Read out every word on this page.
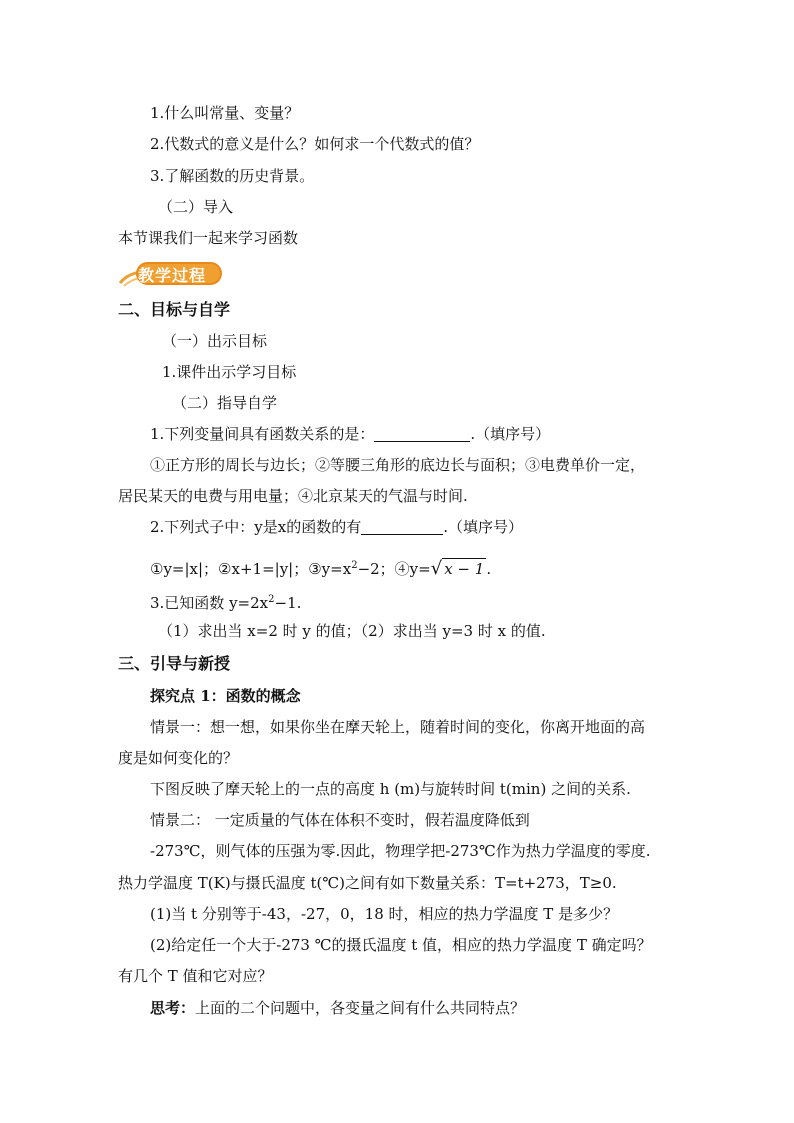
1.什么叫常量、变量？
2.代数式的意义是什么？如何求一个代数式的值？
3.了解函数的历史背景。
（二）导入
本节课我们一起来学习函数
教学过程
二、目标与自学
（一）出示目标
1.课件出示学习目标
（二）指导自学
1.下列变量间具有函数关系的是：	.（填序号）
①正方形的周长与边长；②等腰三角形的底边长与面积；③电费单价一定，
居民某天的电费与用电量；④北京某天的气温与时间.
2.下列式子中：y是x的函数的有	.（填序号）
①y=|x|；②x+1=|y|；$③y=x^2-2$；④y=√ x − 1 .
3.已知函数 $y=2x^2-1$.
（1）求出当 x=2 时 y 的值；（2）求出当 y=3 时 x 的值.
三、引导与新授
探究点 1：函数的概念
情景一：想一想，如果你坐在摩天轮上，随着时间的变化，你离开地面的高
度是如何变化的？
下图反映了摩天轮上的一点的高度 h (m)与旋转时间 t(min) 之间的关系.
情景二： 一定质量的气体在体积不变时，假若温度降低到
-273℃，则气体的压强为零.因此，物理学把-273℃作为热力学温度的零度.
热力学温度 T(K)与摄氏温度 t(℃)之间有如下数量关系：T=t+273，T≥0.
(1)当 t 分别等于-43，-27，0，18 时，相应的热力学温度 T 是多少？
(2)给定任一个大于-273 ℃的摄氏温度 t 值，相应的热力学温度 T 确定吗？
有几个 T 值和它对应？
思考：上面的二个问题中，各变量之间有什么共同特点？
